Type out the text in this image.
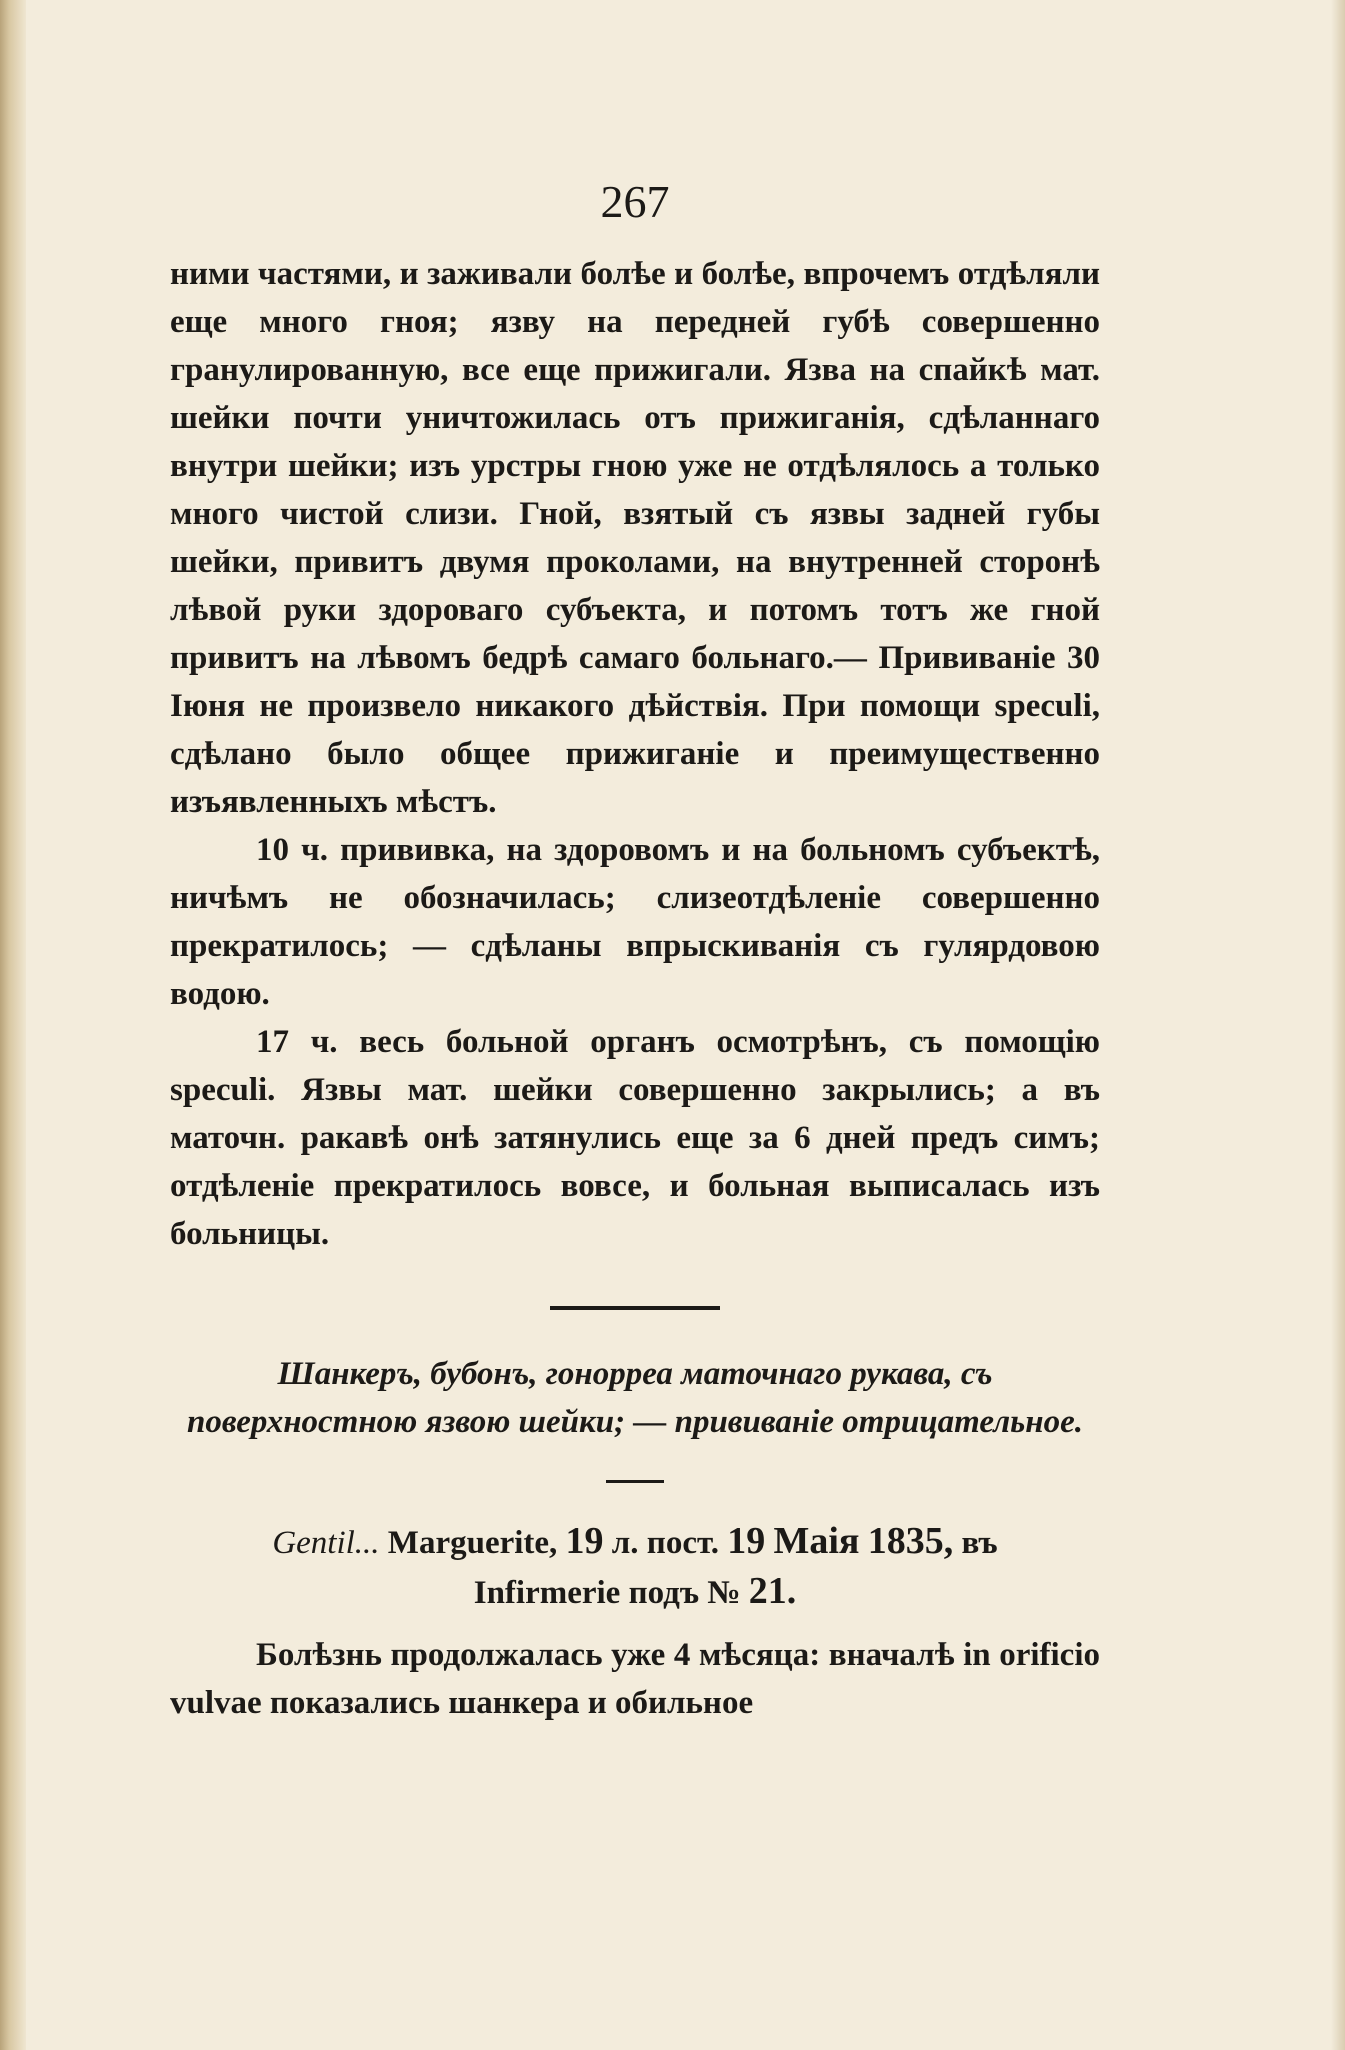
267

ними частями, и заживали болѣе и болѣе, впрочемъ отдѣляли еще много гноя; язву на передней губѣ совершенно гранулированную, все еще прижигали. Язва на спайкѣ мат. шейки почти уничтожилась отъ прижиганія, сдѣланнаго внутри шейки; изъ урстры гною уже не отдѣлялось а только много чистой слизи. Гной, взятый съ язвы задней губы шейки, привитъ двумя проколами, на внутренней сторонѣ лѣвой руки здороваго субъекта, и потомъ тотъ же гной привитъ на лѣвомъ бедрѣ самаго больнаго.— Прививаніе 30 Іюня не произвело никакого дѣйствія. При помощи speculi, сдѣлано было общее прижиганіе и преимущественно изъявленныхъ мѣстъ.

10 ч. прививка, на здоровомъ и на больномъ субъектѣ, ничѣмъ не обозначилась; слизеотдѣленіе совершенно прекратилось; — сдѣланы впрыскиванія съ гулярдовою водою.

17 ч. весь больной органъ осмотрѣнъ, съ помощію speculi. Язвы мат. шейки совершенно закрылись; а въ маточн. ракавѣ онѣ затянулись еще за 6 дней предъ симъ; отдѣленіе прекратилось вовсе, и больная выписалась изъ больницы.

Шанкеръ, бубонъ, гонорреа маточнаго рукава, съ поверхностною язвою шейки; — прививаніе отрицательное.

Gentil... Marguerite, 19 л. пост. 19 Маія 1835, въ
Infirmerie подъ № 21.

Болѣзнь продолжалась уже 4 мѣсяца: вначалѣ in orificio vulvae показались шанкера и обильное
